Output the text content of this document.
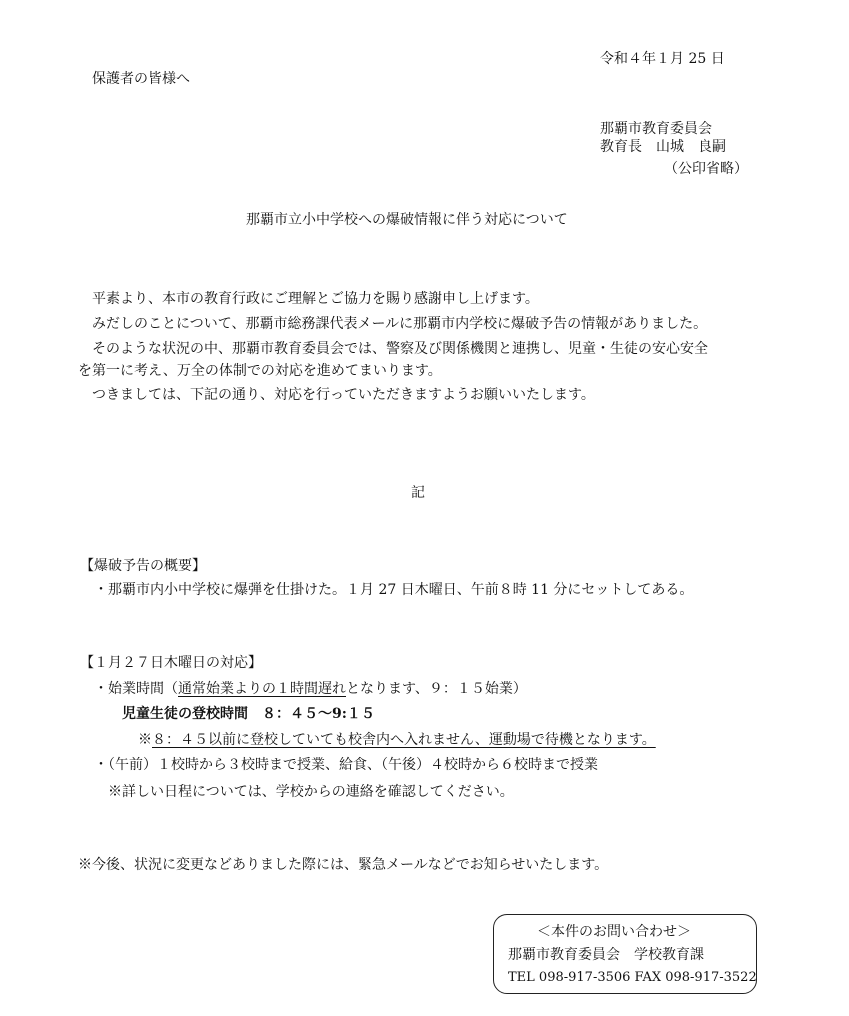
令和４年１月 25 日
保護者の皆様へ
那覇市教育委員会
教育長　山城　良嗣
（公印省略）
那覇市立小中学校への爆破情報に伴う対応について
平素より、本市の教育行政にご理解とご協力を賜り感謝申し上げます。
みだしのことについて、那覇市総務課代表メールに那覇市内学校に爆破予告の情報がありました。
そのような状況の中、那覇市教育委員会では、警察及び関係機関と連携し、児童・生徒の安心安全
を第一に考え、万全の体制での対応を進めてまいります。
つきましては、下記の通り、対応を行っていただきますようお願いいたします。
記
【爆破予告の概要】
・那覇市内小中学校に爆弾を仕掛けた。１月 27 日木曜日、午前８時 11 分にセットしてある。
【１月２７日木曜日の対応】
・始業時間（通常始業よりの１時間遅れとなります、９：１５始業）
児童生徒の登校時間　８：４５～9:１５
※８：４５以前に登校していても校舎内へ入れません、運動場で待機となります。
・（午前）１校時から３校時まで授業、給食、（午後）４校時から６校時まで授業
※詳しい日程については、学校からの連絡を確認してください。
※今後、状況に変更などありました際には、緊急メールなどでお知らせいたします。
＜本件のお問い合わせ＞
那覇市教育委員会　学校教育課
TEL 098-917-3506 FAX 098-917-3522
